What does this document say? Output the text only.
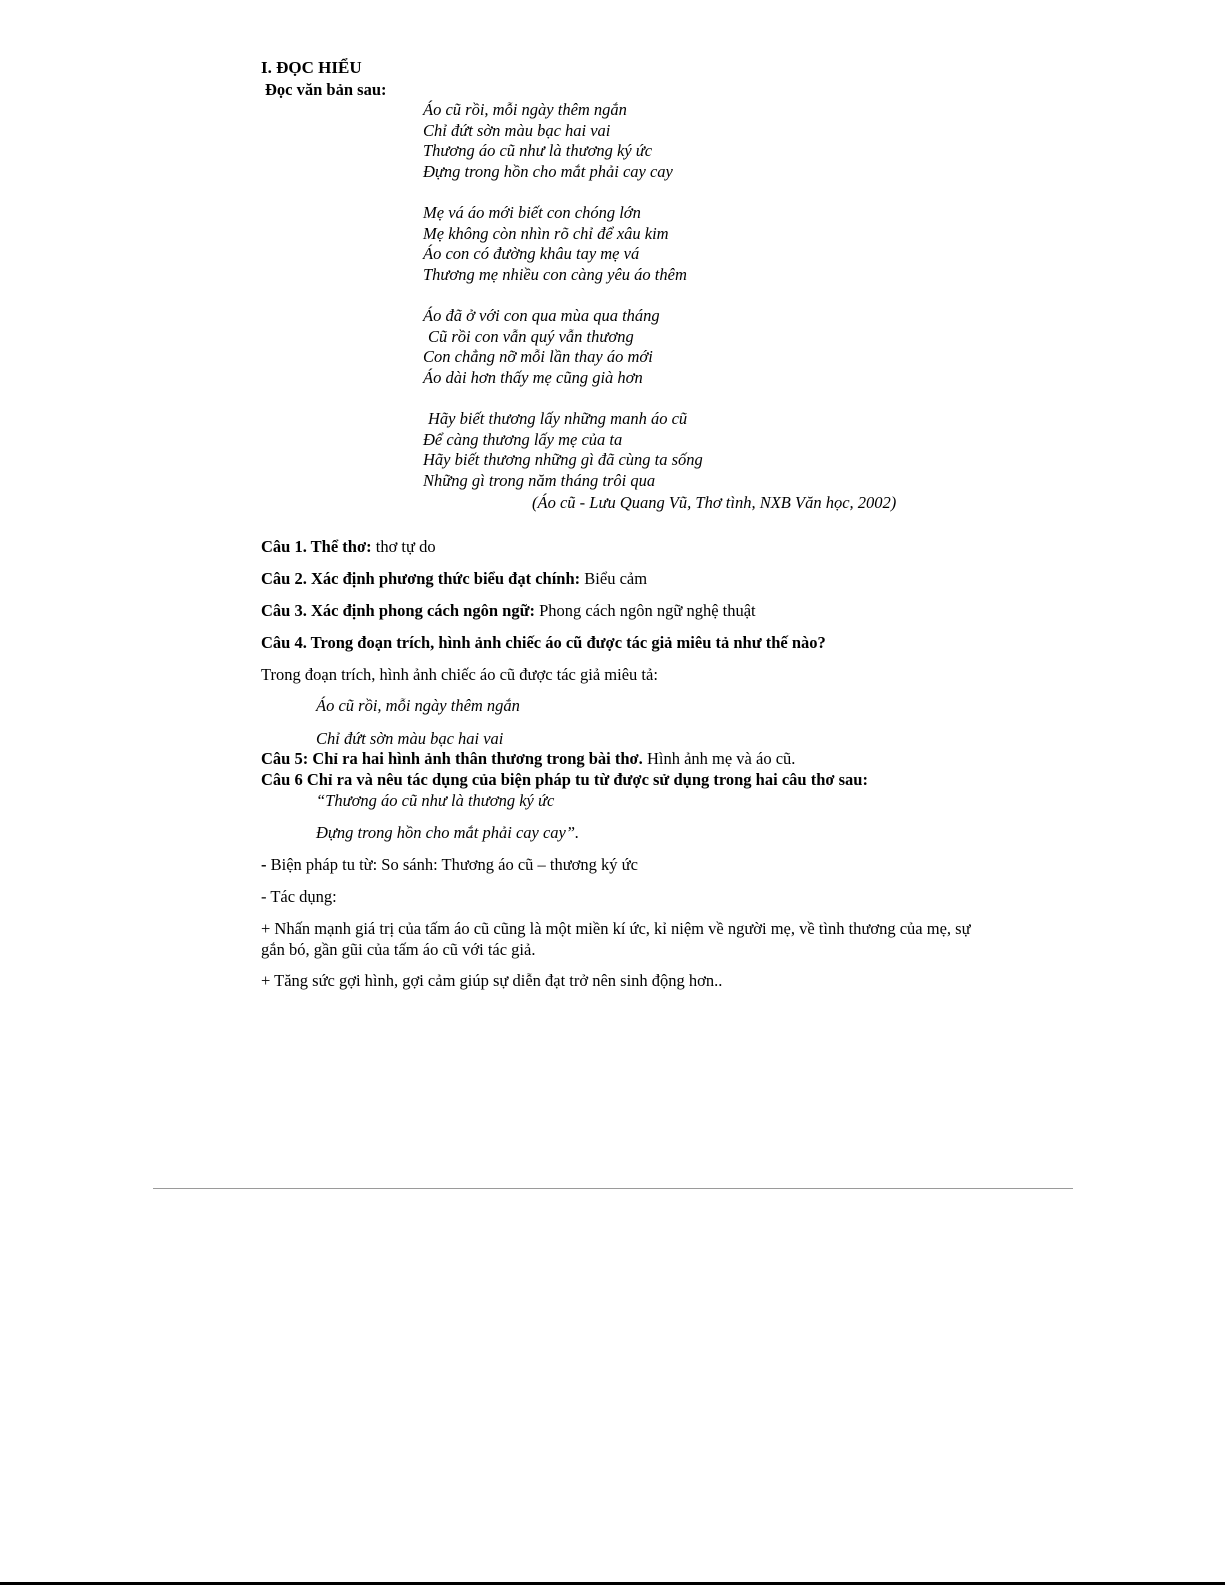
I. ĐỌC HIỂU
Đọc văn bản sau:
Áo cũ rồi, mỗi ngày thêm ngắn
Chỉ đứt sờn màu bạc hai vai
Thương áo cũ như là thương ký ức
Đựng trong hồn cho mắt phải cay cay
Mẹ vá áo mới biết con chóng lớn
Mẹ không còn nhìn rõ chỉ để xâu kim
Áo con có đường khâu tay mẹ vá
Thương mẹ nhiều con càng yêu áo thêm
Áo đã ở với con qua mùa qua tháng
Cũ rồi con vẫn quý vẫn thương
Con chẳng nỡ mỗi lần thay áo mới
Áo dài hơn thấy mẹ cũng già hơn
Hãy biết thương lấy những manh áo cũ
Để càng thương lấy mẹ của ta
Hãy biết thương những gì đã cùng ta sống
Những gì trong năm tháng trôi qua
(Áo cũ - Lưu Quang Vũ, Thơ tình, NXB Văn học, 2002)
Câu 1. Thể thơ: thơ tự do
Câu 2. Xác định phương thức biểu đạt chính: Biểu cảm
Câu 3. Xác định phong cách ngôn ngữ: Phong cách ngôn ngữ nghệ thuật
Câu 4. Trong đoạn trích, hình ảnh chiếc áo cũ được tác giả miêu tả như thế nào?
Trong đoạn trích, hình ảnh chiếc áo cũ được tác giả miêu tả:
Áo cũ rồi, mỗi ngày thêm ngắn
Chỉ đứt sờn màu bạc hai vai
Câu 5: Chỉ ra hai hình ảnh thân thương trong bài thơ. Hình ảnh mẹ và áo cũ.
Câu 6 Chỉ ra và nêu tác dụng của biện pháp tu từ được sử dụng trong hai câu thơ sau:
“Thương áo cũ như là thương ký ức
Đựng trong hồn cho mắt phải cay cay”.
- Biện pháp tu từ: So sánh: Thương áo cũ – thương ký ức
- Tác dụng:
+ Nhấn mạnh giá trị của tấm áo cũ cũng là một miền kí ức, kỉ niệm về người mẹ, về tình thương của mẹ, sự gắn bó, gần gũi của tấm áo cũ với tác giả.
+ Tăng sức gợi hình, gợi cảm giúp sự diễn đạt trở nên sinh động hơn..
